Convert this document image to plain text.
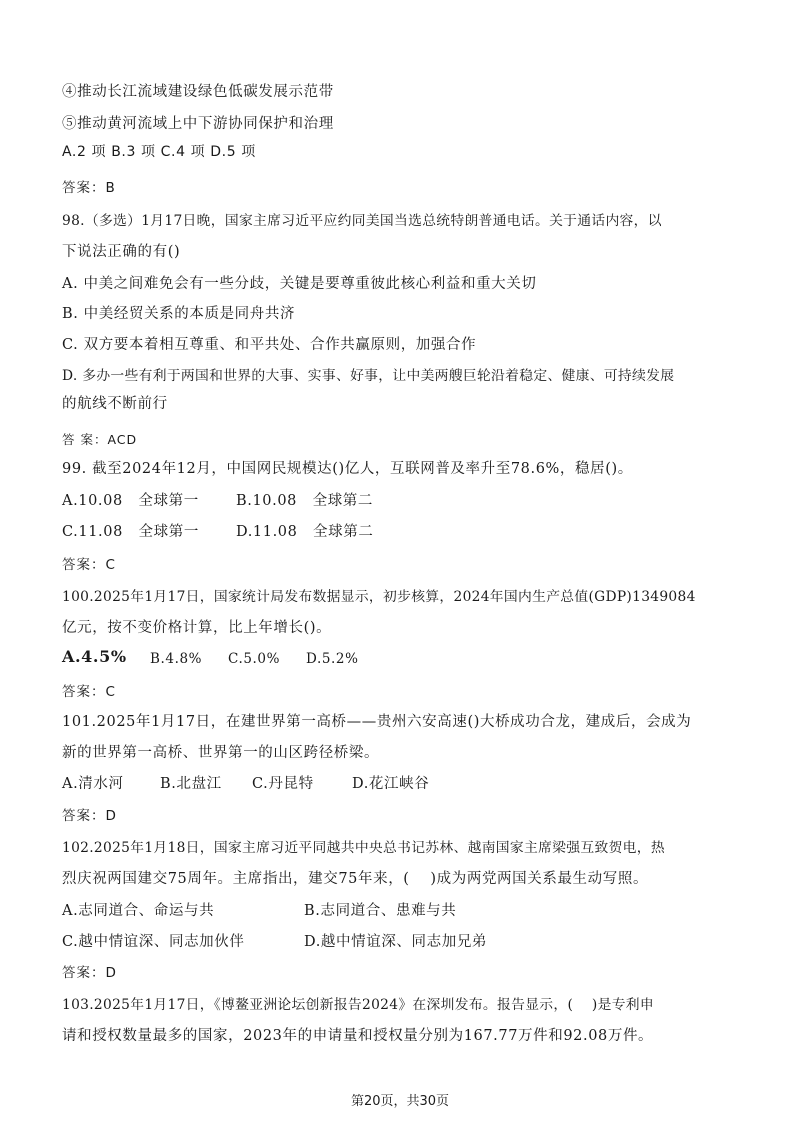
④推动长江流域建设绿色低碳发展示范带
⑤推动黄河流域上中下游协同保护和治理
A.2 项 B.3 项 C.4 项 D.5 项
答案：B
98.（多选）1月17日晚，国家主席习近平应约同美国当选总统特朗普通电话。关于通话内容，以
下说法正确的有()
A. 中美之间难免会有一些分歧，关键是要尊重彼此核心利益和重大关切
B. 中美经贸关系的本质是同舟共济
C. 双方要本着相互尊重、和平共处、合作共赢原则，加强合作
D. 多办一些有利于两国和世界的大事、实事、好事，让中美两艘巨轮沿着稳定、健康、可持续发展
的航线不断前行
答 案：ACD
99. 截至2024年12月，中国网民规模达()亿人，互联网普及率升至78.6%，稳居()。
A.10.08   全球第一	B.10.08   全球第二
C.11.08   全球第一	D.11.08   全球第二
答案：C
100.2025年1月17日，国家统计局发布数据显示，初步核算，2024年国内生产总值(GDP)1349084
亿元，按不变价格计算，比上年增长()。
A.4.5% B.4.8% C.5.0% D.5.2%
答案：C
101.2025年1月17日，在建世界第一高桥——贵州六安高速()大桥成功合龙，建成后，会成为
新的世界第一高桥、世界第一的山区跨径桥梁。
A.清水河	B.北盘江 C.丹昆特	D.花江峡谷
答案：D
102.2025年1月18日，国家主席习近平同越共中央总书记苏林、越南国家主席梁强互致贺电，热
烈庆祝两国建交75周年。主席指出，建交75年来，(    )成为两党两国关系最生动写照。
A.志同道合、命运与共	B.志同道合、患难与共
C.越中情谊深、同志加伙伴	D.越中情谊深、同志加兄弟
答案：D
103.2025年1月17日，《博鳌亚洲论坛创新报告2024》在深圳发布。报告显示，(    )是专利申
请和授权数量最多的国家，2023年的申请量和授权量分别为167.77万件和92.08万件。
第20页，共30页
